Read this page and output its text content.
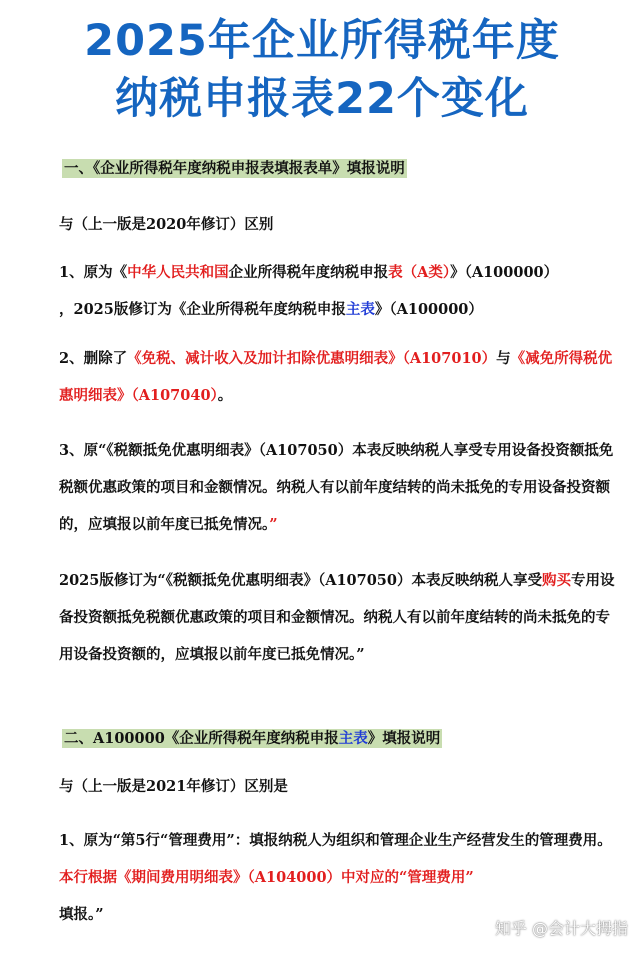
2025年企业所得税年度
纳税申报表22个变化
一、《企业所得税年度纳税申报表填报表单》填报说明

与（上一版是2020年修订）区别

1、原为《中华人民共和国企业所得税年度纳税申报表（A类）》（A100000）
，2025版修订为《企业所得税年度纳税申报主表》（A100000）

2、删除了《免税、减计收入及加计扣除优惠明细表》（A107010）与《减免所得税优惠明细表》（A107040）。

3、原“《税额抵免优惠明细表》（A107050）本表反映纳税人享受专用设备投资额抵免税额优惠政策的项目和金额情况。纳税人有以前年度结转的尚未抵免的专用设备投资额的，应填报以前年度已抵免情况。”

2025版修订为“《税额抵免优惠明细表》（A107050）本表反映纳税人享受购买专用设备投资额抵免税额优惠政策的项目和金额情况。纳税人有以前年度结转的尚未抵免的专用设备投资额的，应填报以前年度已抵免情况。”

二、A100000《企业所得税年度纳税申报主表》填报说明

与（上一版是2021年修订）区别是

1、原为“第5行“管理费用”：填报纳税人为组织和管理企业生产经营发生的管理费用。本行根据《期间费用明细表》（A104000）中对应的“管理费用”
填报。”

知乎 @会计大拇指
